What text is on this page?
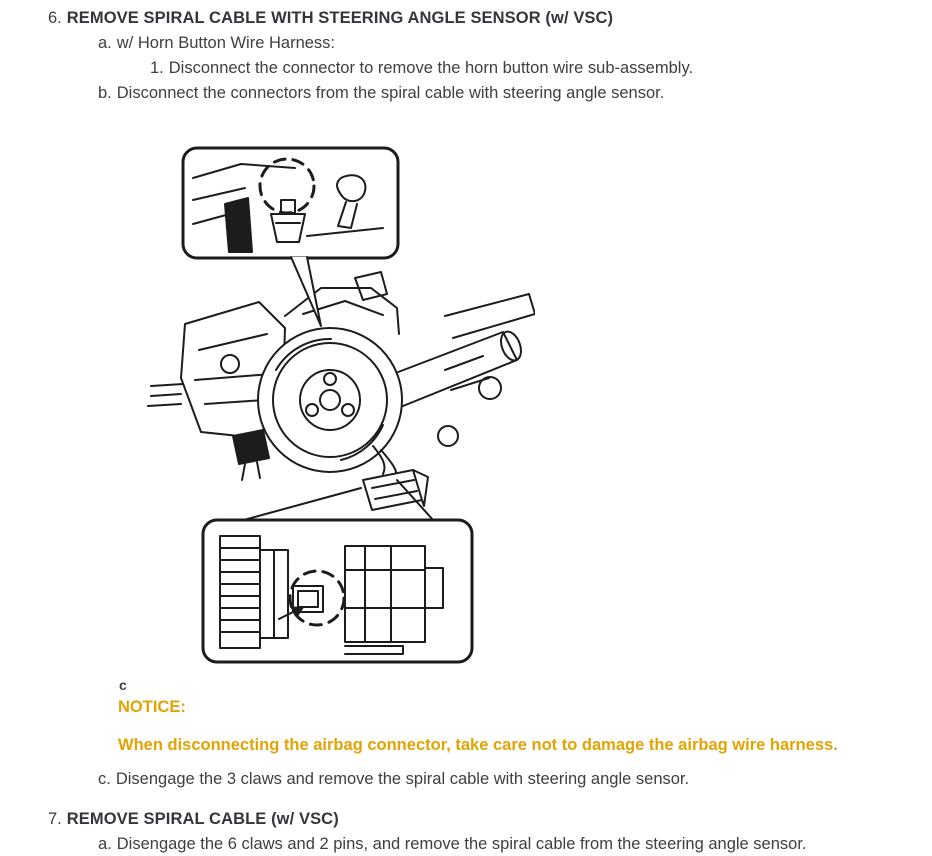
6. REMOVE SPIRAL CABLE WITH STEERING ANGLE SENSOR (w/ VSC)
a. w/ Horn Button Wire Harness:
1. Disconnect the connector to remove the horn button wire sub-assembly.
b. Disconnect the connectors from the spiral cable with steering angle sensor.
c
NOTICE:
When disconnecting the airbag connector, take care not to damage the airbag wire harness.
c. Disengage the 3 claws and remove the spiral cable with steering angle sensor.
7. REMOVE SPIRAL CABLE (w/ VSC)
a. Disengage the 6 claws and 2 pins, and remove the spiral cable from the steering angle sensor.
